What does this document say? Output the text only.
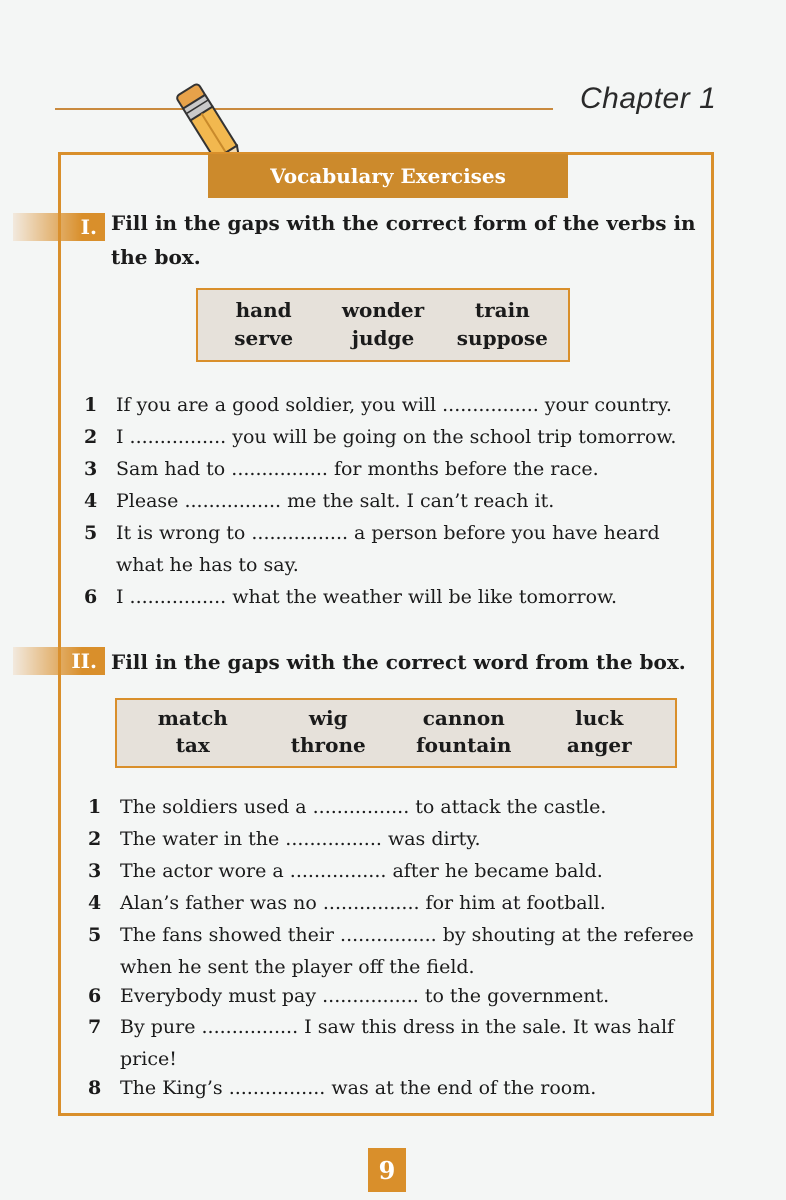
Chapter 1
Vocabulary Exercises
I. Fill in the gaps with the correct form of the verbs in the box.
hand	wonder	train
serve	judge	suppose
1 If you are a good soldier, you will ................ your country.
2 I ................ you will be going on the school trip tomorrow.
3 Sam had to ................ for months before the race.
4 Please ................ me the salt. I can’t reach it.
5 It is wrong to ................ a person before you have heard what he has to say.
6 I ................ what the weather will be like tomorrow.
II. Fill in the gaps with the correct word from the box.
match	wig	cannon	luck
tax	throne	fountain	anger
1 The soldiers used a ................ to attack the castle.
2 The water in the ................ was dirty.
3 The actor wore a ................ after he became bald.
4 Alan’s father was no ................ for him at football.
5 The fans showed their ................ by shouting at the referee when he sent the player off the field.
6 Everybody must pay ................ to the government.
7 By pure ................ I saw this dress in the sale. It was half price!
8 The King’s ................ was at the end of the room.
9
